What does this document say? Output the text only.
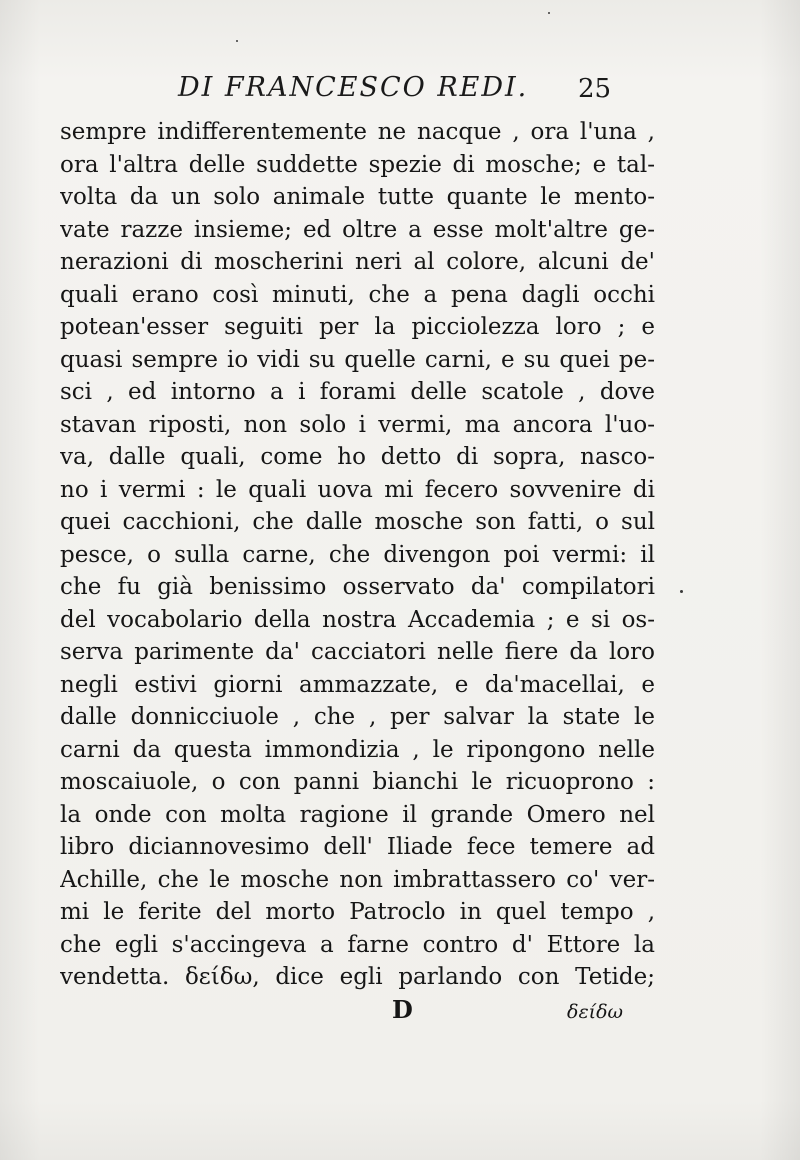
DI FRANCESCO REDI. 25
sempre indifferentemente ne nacque , ora l'una ,
ora l'altra delle suddette spezie di mosche; e tal-
volta da un solo animale tutte quante le mento-
vate razze insieme; ed oltre a esse molt'altre ge-
nerazioni di moscherini neri al colore, alcuni de'
quali erano così minuti, che a pena dagli occhi
potean'esser seguiti per la picciolezza loro ; e
quasi sempre io vidi su quelle carni, e su quei pe-
sci , ed intorno a i forami delle scatole , dove
stavan riposti, non solo i vermi, ma ancora l'uo-
va, dalle quali, come ho detto di sopra, nasco-
no i vermi : le quali uova mi fecero sovvenire di
quei cacchioni, che dalle mosche son fatti, o sul
pesce, o sulla carne, che divengon poi vermi: il
che fu già benissimo osservato da' compilatori
del vocabolario della nostra Accademia ; e si os-
serva parimente da' cacciatori nelle fiere da loro
negli estivi giorni ammazzate, e da'macellai, e
dalle donnicciuole , che , per salvar la state le
carni da questa immondizia , le ripongono nelle
moscaiuole, o con panni bianchi le ricuoprono :
la onde con molta ragione il grande Omero nel
libro diciannovesimo dell' Iliade fece temere ad
Achille, che le mosche non imbrattassero co' ver-
mi le ferite del morto Patroclo in quel tempo ,
che egli s'accingeva a farne contro d' Ettore la
vendetta. δείδω, dice egli parlando con Tetide;
D	δείδω
